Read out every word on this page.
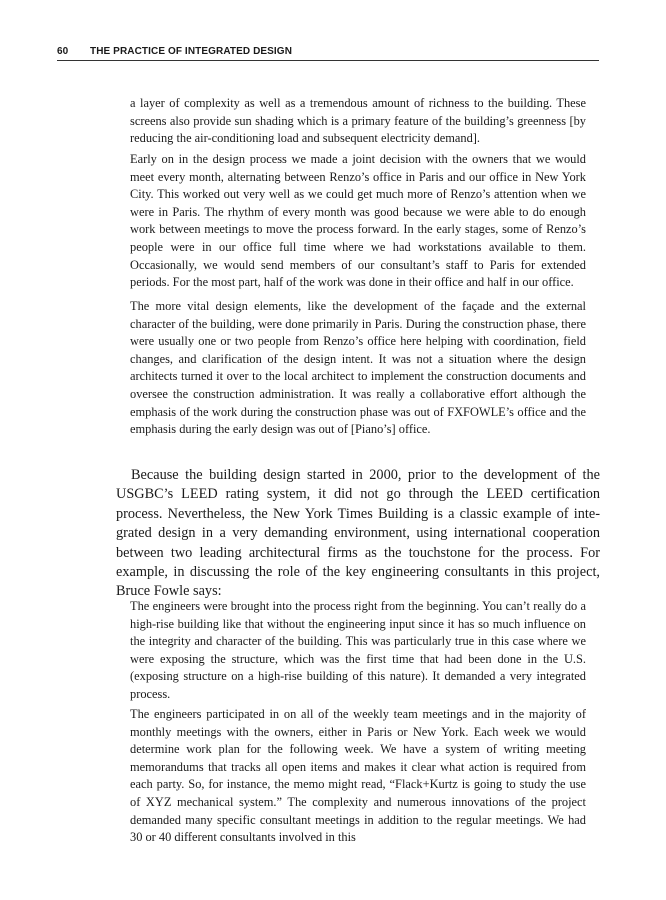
60 THE PRACTICE OF INTEGRATED DESIGN

a layer of complexity as well as a tremendous amount of richness to the building. These screens also provide sun shading which is a primary feature of the building’s greenness [by reducing the air-conditioning load and subsequent electricity demand].

Early on in the design process we made a joint decision with the owners that we would meet every month, alternating between Renzo’s office in Paris and our office in New York City. This worked out very well as we could get much more of Renzo’s attention when we were in Paris. The rhythm of every month was good because we were able to do enough work between meetings to move the process forward. In the early stages, some of Renzo’s people were in our office full time where we had workstations available to them. Occasionally, we would send members of our consultant’s staff to Paris for extended periods. For the most part, half of the work was done in their office and half in our office.

The more vital design elements, like the development of the façade and the external character of the building, were done primarily in Paris. During the construction phase, there were usually one or two people from Renzo’s office here helping with coordination, field changes, and clarification of the design intent. It was not a situation where the design architects turned it over to the local architect to implement the construction documents and oversee the construction administration. It was really a collaborative effort although the emphasis of the work during the construction phase was out of FXFOWLE’s office and the emphasis during the early design was out of [Piano’s] office.

Because the building design started in 2000, prior to the development of the USGBC’s LEED rating system, it did not go through the LEED certification process. Nevertheless, the New York Times Building is a classic example of integrated design in a very demanding environment, using international cooperation between two leading architectural firms as the touchstone for the process. For example, in discussing the role of the key engineering consultants in this project, Bruce Fowle says:

The engineers were brought into the process right from the beginning. You can’t really do a high-rise building like that without the engineering input since it has so much influence on the integrity and character of the building. This was particularly true in this case where we were exposing the structure, which was the first time that had been done in the U.S. (exposing structure on a high-rise building of this nature). It demanded a very integrated process.

The engineers participated in on all of the weekly team meetings and in the majority of monthly meetings with the owners, either in Paris or New York. Each week we would determine work plan for the following week. We have a system of writing meeting memorandums that tracks all open items and makes it clear what action is required from each party. So, for instance, the memo might read, “Flack+Kurtz is going to study the use of XYZ mechanical system.” The complexity and numerous innovations of the project demanded many specific consultant meetings in addition to the regular meetings. We had 30 or 40 different consultants involved in this
